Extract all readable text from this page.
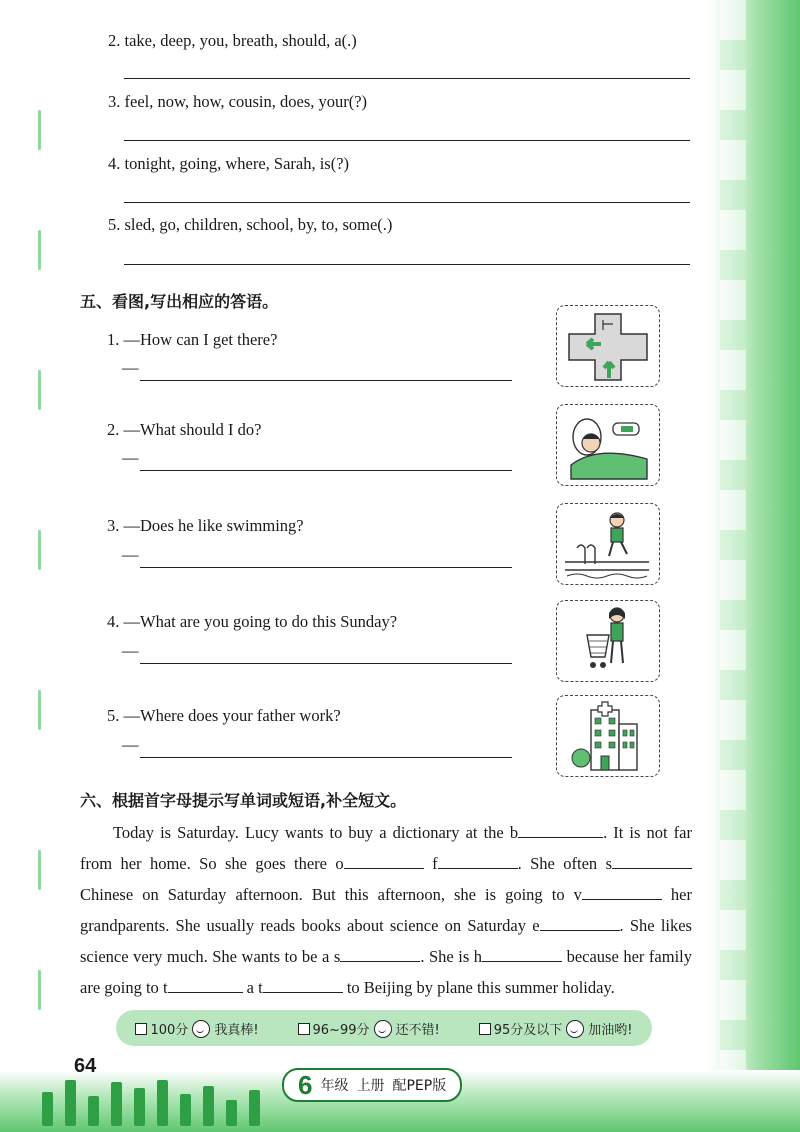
2. take, deep, you, breath, should, a(.)
3. feel, now, how, cousin, does, your(?)
4. tonight, going, where, Sarah, is(?)
5. sled, go, children, school, by, to, some(.)
五、看图,写出相应的答语。
1. —How can I get there?
—
2. —What should I do?
—
3. —Does he like swimming?
—
4. —What are you going to do this Sunday?
—
5. —Where does your father work?
—
六、根据首字母提示写单词或短语,补全短文。
Today is Saturday. Lucy wants to buy a dictionary at the b	. It is not far from her home. So she goes there o	f	. She often s Chinese on Saturday afternoon. But this afternoon, she is going to v	her grandparents. She usually reads books about science on Saturday e	. She likes science very much. She wants to be a s	. She is h	because her family are going to t	a t	to Beijing by plane this summer holiday.
100分 我真棒!	96~99分 还不错!	95分及以下 加油哟!
64
6 年级 上册 配PEP版
